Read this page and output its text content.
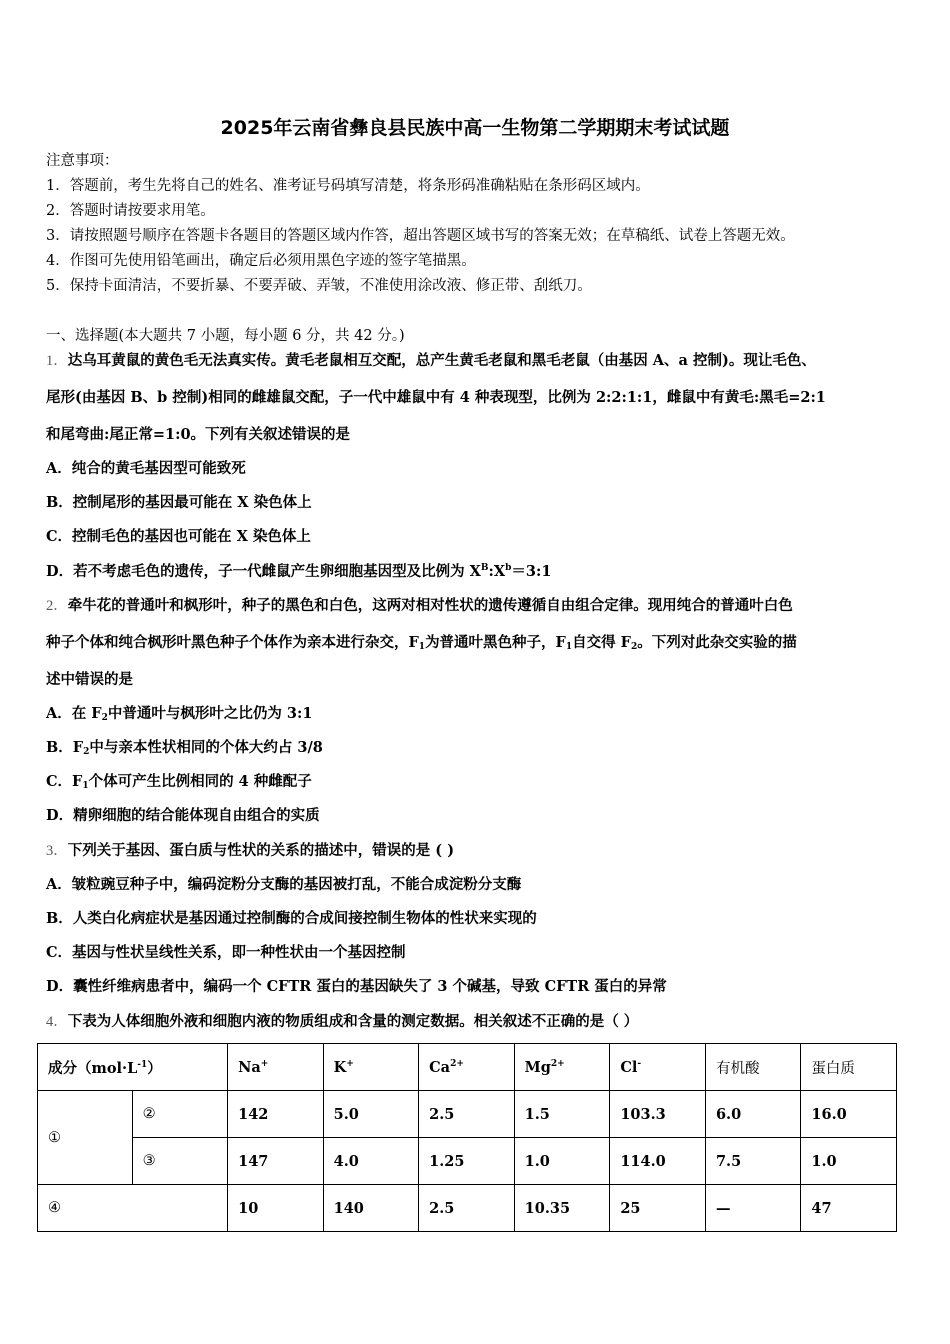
2025年云南省彝良县民族中高一生物第二学期期末考试试题
注意事项：
1．答题前，考生先将自己的姓名、准考证号码填写清楚，将条形码准确粘贴在条形码区域内。
2．答题时请按要求用笔。
3．请按照题号顺序在答题卡各题目的答题区域内作答，超出答题区域书写的答案无效；在草稿纸、试卷上答题无效。
4．作图可先使用铅笔画出，确定后必须用黑色字迹的签字笔描黑。
5．保持卡面清洁，不要折暴、不要弄破、弄皱，不准使用涂改液、修正带、刮纸刀。
一、选择题(本大题共 7 小题，每小题 6 分，共 42 分。)
1．达乌耳黄鼠的黄色毛无法真实传。黄毛老鼠相互交配，总产生黄毛老鼠和黑毛老鼠（由基因 A、a 控制)。现让毛色、
尾形(由基因 B、b 控制)相同的雌雄鼠交配，子一代中雄鼠中有 4 种表现型，比例为 2:2:1:1，雌鼠中有黄毛:黑毛=2:1
和尾弯曲:尾正常=1:0。下列有关叙述错误的是
A．纯合的黄毛基因型可能致死
B．控制尾形的基因最可能在 X 染色体上
C．控制毛色的基因也可能在 X 染色体上
D．若不考虑毛色的遗传，子一代雌鼠产生卵细胞基因型及比例为 $X^B:X^b=3:1$
2．牵牛花的普通叶和枫形叶，种子的黑色和白色，这两对相对性状的遗传遵循自由组合定律。现用纯合的普通叶白色
种子个体和纯合枫形叶黑色种子个体作为亲本进行杂交，$F_1$为普通叶黑色种子，$F_1$自交得 $F_2$。下列对此杂交实验的描
述中错误的是
A．在 $F_2$中普通叶与枫形叶之比仍为 3:1
B．$F_2$中与亲本性状相同的个体大约占 3/8
C．$F_1$个体可产生比例相同的 4 种雌配子
D．精卵细胞的结合能体现自由组合的实质
3．下列关于基因、蛋白质与性状的关系的描述中，错误的是 ( )
A．皱粒豌豆种子中，编码淀粉分支酶的基因被打乱，不能合成淀粉分支酶
B．人类白化病症状是基因通过控制酶的合成间接控制生物体的性状来实现的
C．基因与性状呈线性关系，即一种性状由一个基因控制
D．囊性纤维病患者中，编码一个 CFTR 蛋白的基因缺失了 3 个碱基，导致 CFTR 蛋白的异常
4．下表为人体细胞外液和细胞内液的物质组成和含量的测定数据。相关叙述不正确的是（ ）
成分$(mol\cdot L^{-1})$		Na+	K+	$Ca^{2+}$	$Mg^{2+}$	Cl-	有机酸	蛋白质
①	②	142	5.0	2.5	1.5	103.3	6.0	16.0
	③	147	4.0	1.25	1.0	114.0	7.5	1.0
④		10	140	2.5	10.35	25	—	47
